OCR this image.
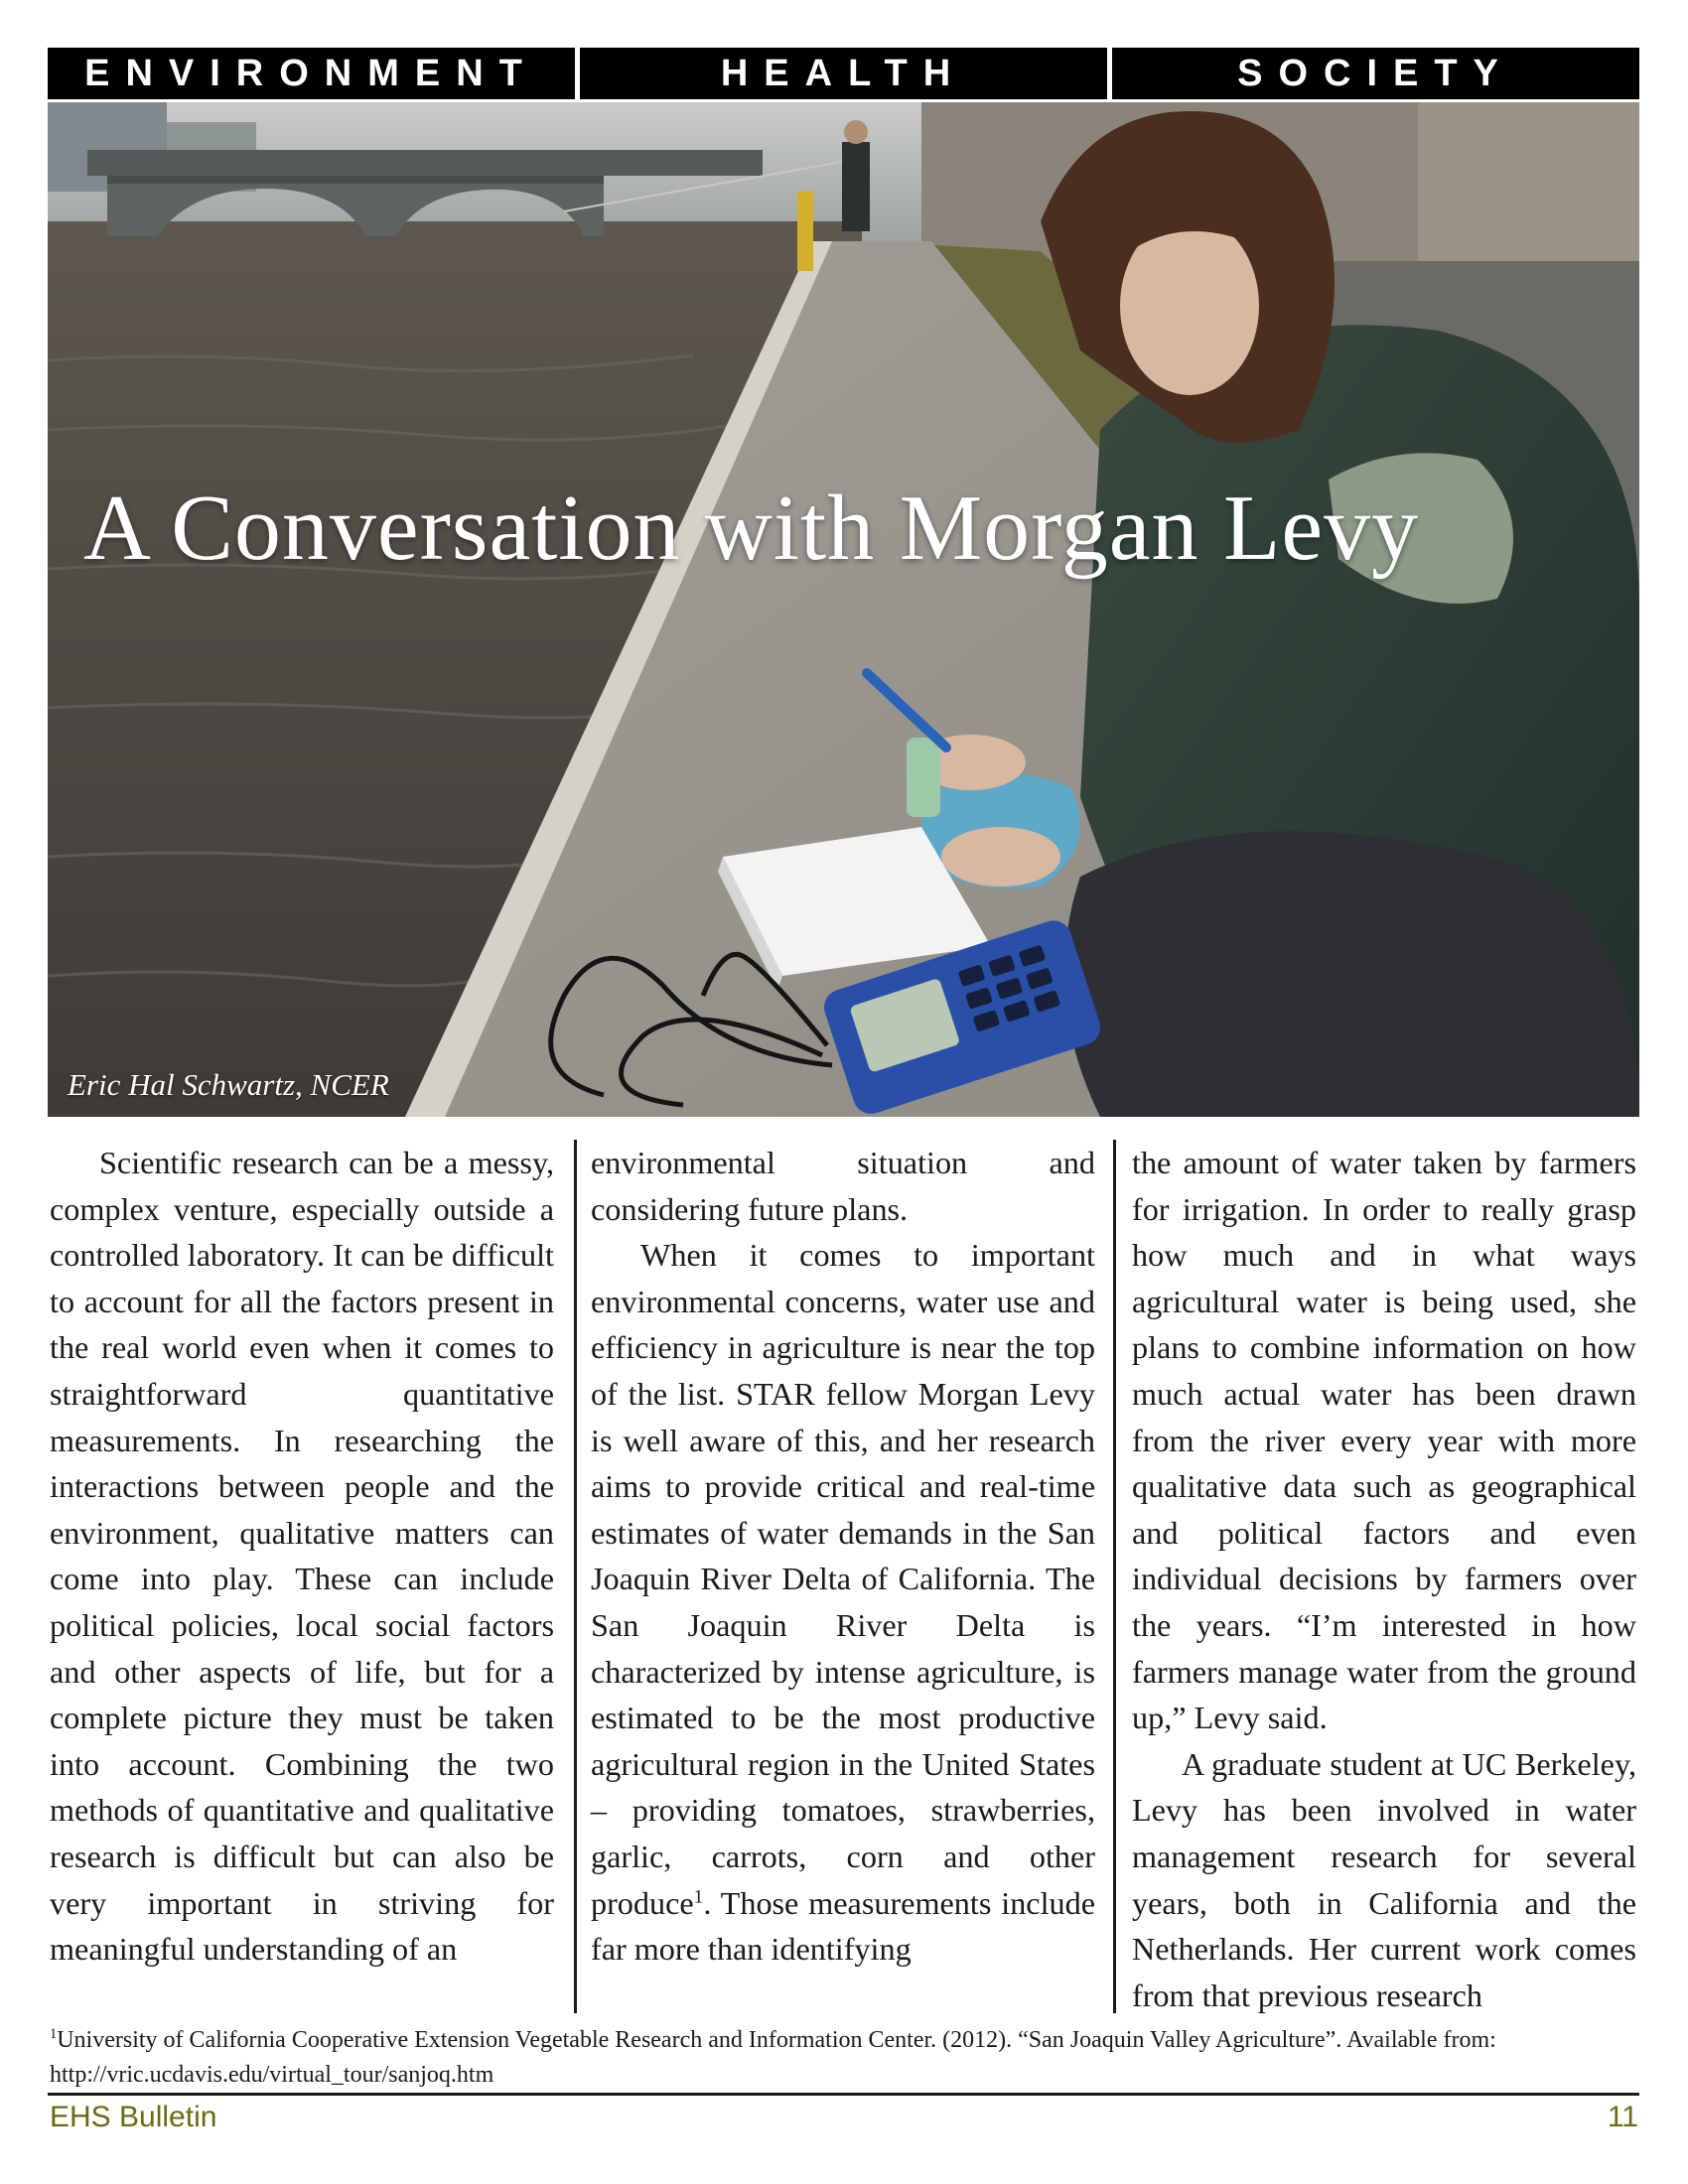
ENVIRONMENT	HEALTH	SOCIETY
A Conversation with Morgan Levy
Eric Hal Schwartz, NCER

Scientific research can be a messy, complex venture, especially outside a controlled laboratory. It can be difficult to account for all the factors present in the real world even when it comes to straightforward quantitative measurements. In researching the interactions between people and the environment, qualitative matters can come into play. These can include political policies, local social factors and other aspects of life, but for a complete picture they must be taken into account. Combining the two methods of quantitative and qualitative research is difficult but can also be very important in striving for meaningful understanding of an

environmental situation and considering future plans.

When it comes to important environmental concerns, water use and efficiency in agriculture is near the top of the list. STAR fellow Morgan Levy is well aware of this, and her research aims to provide critical and real-time estimates of water demands in the San Joaquin River Delta of California. The San Joaquin River Delta is characterized by intense agriculture, is estimated to be the most productive agricultural region in the United States – providing tomatoes, strawberries, garlic, carrots, corn and other produce$^1$. Those measurements include far more than identifying

the amount of water taken by farmers for irrigation. In order to really grasp how much and in what ways agricultural water is being used, she plans to combine information on how much actual water has been drawn from the river every year with more qualitative data such as geographical and political factors and even individual decisions by farmers over the years. “I’m interested in how farmers manage water from the ground up,” Levy said.

A graduate student at UC Berkeley, Levy has been involved in water management research for several years, both in California and the Netherlands. Her current work comes from that previous research

$^1$University of California Cooperative Extension Vegetable Research and Information Center. (2012). “San Joaquin Valley Agriculture”. Available from: http://vric.ucdavis.edu/virtual_tour/sanjoq.htm
EHS Bulletin	11
